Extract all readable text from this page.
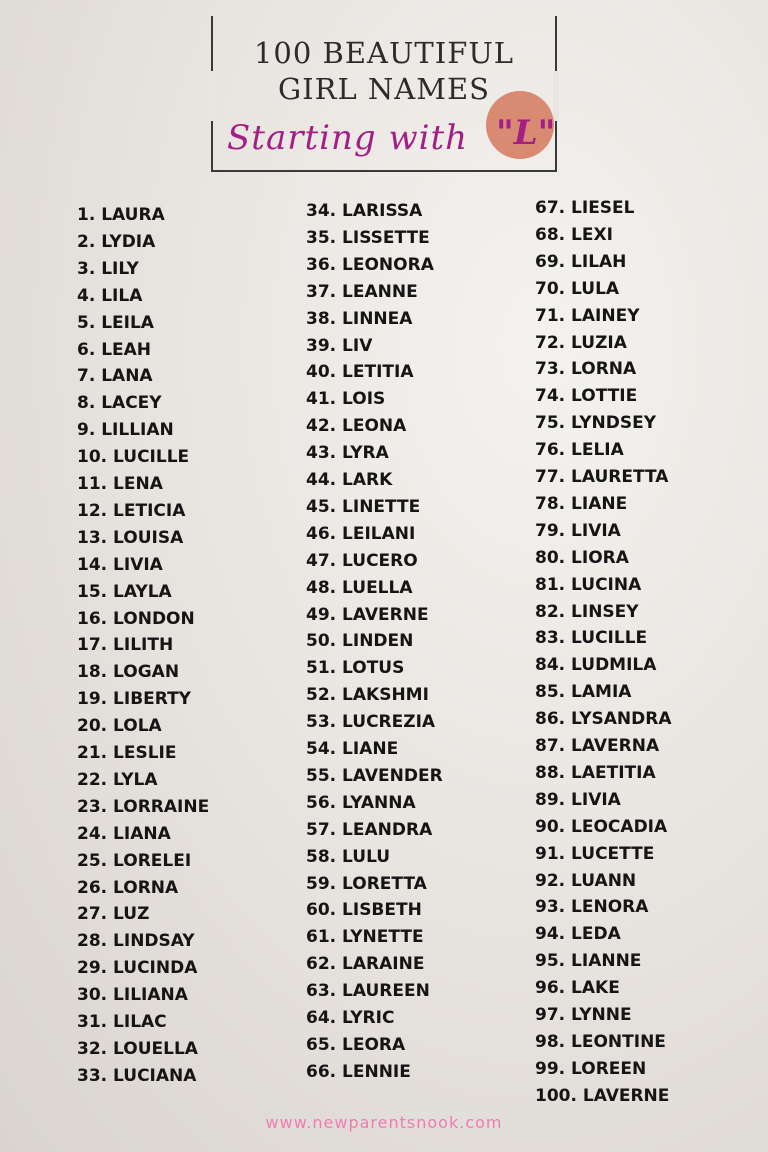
100 BEAUTIFUL
GIRL NAMES
Starting with "L"
1. LAURA
2. LYDIA
3. LILY
4. LILA
5. LEILA
6. LEAH
7. LANA
8. LACEY
9. LILLIAN
10. LUCILLE
11. LENA
12. LETICIA
13. LOUISA
14. LIVIA
15. LAYLA
16. LONDON
17. LILITH
18. LOGAN
19. LIBERTY
20. LOLA
21. LESLIE
22. LYLA
23. LORRAINE
24. LIANA
25. LORELEI
26. LORNA
27. LUZ
28. LINDSAY
29. LUCINDA
30. LILIANA
31. LILAC
32. LOUELLA
33. LUCIANA
34. LARISSA
35. LISSETTE
36. LEONORA
37. LEANNE
38. LINNEA
39. LIV
40. LETITIA
41. LOIS
42. LEONA
43. LYRA
44. LARK
45. LINETTE
46. LEILANI
47. LUCERO
48. LUELLA
49. LAVERNE
50. LINDEN
51. LOTUS
52. LAKSHMI
53. LUCREZIA
54. LIANE
55. LAVENDER
56. LYANNA
57. LEANDRA
58. LULU
59. LORETTA
60. LISBETH
61. LYNETTE
62. LARAINE
63. LAUREEN
64. LYRIC
65. LEORA
66. LENNIE
67. LIESEL
68. LEXI
69. LILAH
70. LULA
71. LAINEY
72. LUZIA
73. LORNA
74. LOTTIE
75. LYNDSEY
76. LELIA
77. LAURETTA
78. LIANE
79. LIVIA
80. LIORA
81. LUCINA
82. LINSEY
83. LUCILLE
84. LUDMILA
85. LAMIA
86. LYSANDRA
87. LAVERNA
88. LAETITIA
89. LIVIA
90. LEOCADIA
91. LUCETTE
92. LUANN
93. LENORA
94. LEDA
95. LIANNE
96. LAKE
97. LYNNE
98. LEONTINE
99. LOREEN
100. LAVERNE
www.newparentsnook.com
